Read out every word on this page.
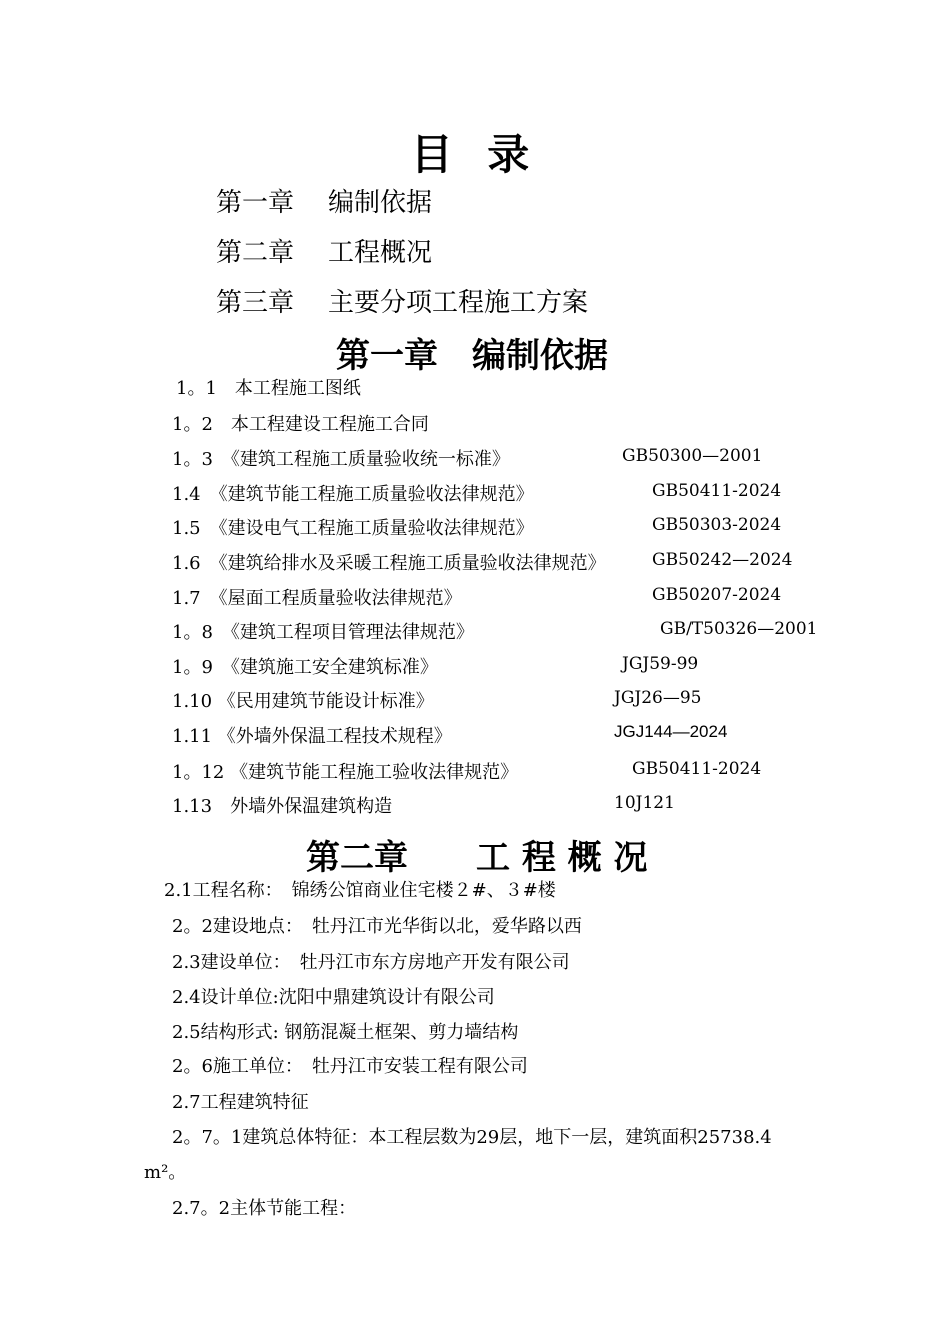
目 录
第一章 编制依据
第二章 工程概况
第三章 主要分项工程施工方案
第一章　编制依据
1。1　本工程施工图纸
1。2　本工程建设工程施工合同
1。3　《建筑工程施工质量验收统一标准》	GB50300—2001
1.4　《建筑节能工程施工质量验收法律规范》	GB50411-2024
1.5　《建设电气工程施工质量验收法律规范》	GB50303-2024
1.6　《建筑给排水及采暖工程施工质量验收法律规范》	GB50242—2024
1.7　《屋面工程质量验收法律规范》	GB50207-2024
1。8　《建筑工程项目管理法律规范》	GB/T50326—2001
1。9　《建筑施工安全建筑标准》	JGJ59-99
1.10 《民用建筑节能设计标准》	JGJ26—95
1.11 《外墙外保温工程技术规程》	JGJ144—2024
1。12 《建筑节能工程施工验收法律规范》	GB50411-2024
1.13　外墙外保温建筑构造	10J121
第二章　　工 程 概 况
2.1工程名称：　锦绣公馆商业住宅楼２#、３#楼
2。2建设地点：　牡丹江市光华街以北，爱华路以西
2.3建设单位：　牡丹江市东方房地产开发有限公司
2.4设计单位:沈阳中鼎建筑设计有限公司
2.5结构形式: 钢筋混凝土框架、剪力墙结构
2。6施工单位：　牡丹江市安装工程有限公司
2.7工程建筑特征
2。7。1建筑总体特征：本工程层数为29层，地下一层，建筑面积25738.4
m²。
2.7。2主体节能工程：
